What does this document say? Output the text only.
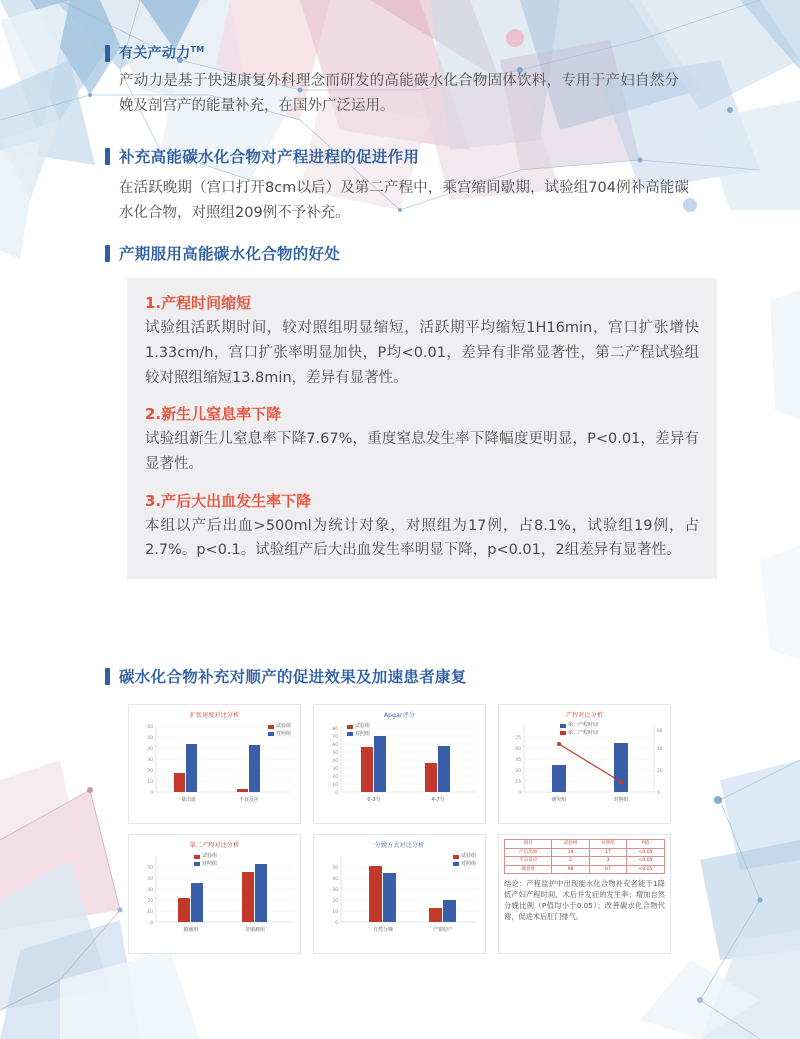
有关产动力™
产动力是基于快速康复外科理念而研发的高能碳水化合物固体饮料，专用于产妇自然分娩及剖宫产的能量补充，在国外广泛运用。
补充高能碳水化合物对产程进程的促进作用
在活跃晚期（宫口打开8cm以后）及第二产程中，乘宫缩间歇期，试验组704例补高能碳水化合物，对照组209例不予补充。
产期服用高能碳水化合物的好处
1.产程时间缩短
试验组活跃期时间，较对照组明显缩短，活跃期平均缩短1H16min，宫口扩张增快1.33cm/h，宫口扩张率明显加快，P均<0.01，差异有非常显著性，第二产程试验组较对照组缩短13.8min，差异有显著性。
2.新生儿窒息率下降
试验组新生儿窒息率下降7.67%，重度窒息发生率下降幅度更明显，P<0.01，差异有显著性。
3.产后大出血发生率下降
本组以产后出血>500ml为统计对象，对照组为17例，占8.1%，试验组19例，占2.7%。p<0.1。试验组产后大出血发生率明显下降，p<0.01，2组差异有显著性。
碳水化合物补充对顺产的促进效果及加速患者康复
扩张速度对比分析
0
10
20
30
40
50
60
一量出血	不良反应
试验组
对照组
Apgar评分
0
10
20
30
40
50
60
70
80
0-3分	4-7分
试验组
对照组
产程对比分析
0
15
30
45
60
75
0
20
40
60
研究组	对照组
第一产程时间
第二产程时间
第二产程对比分析
0
10
20
30
40
50
镇痛组	非镇痛组
试验组
对照组
分娩方式对比分析
0
10
20
30
40
50
自然分娩	产钳助产
试验组
对照组
项目	试验组	对照组	P值
产后出血	19	17	<0.05
不良反应	2	3	<0.05
满意度	98	87	<0.05
结论：产程监护中出现能水化合物补充者能于1降低产妇产程时间，术后并发症的发生率；增加自然分娩比例（P值均小于0.05）；改善碳水化合物代谢，促进术后肛门排气。
